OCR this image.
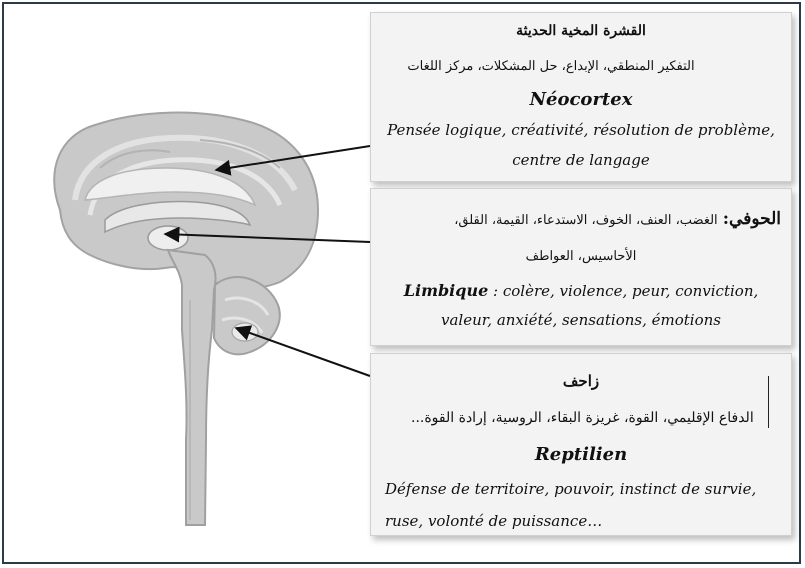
القشرة المخية الحديثة
التفكير المنطقي، الإبداع، حل المشكلات، مركز اللغات
Néocortex
Pensée logique, créativité, résolution de problème,
centre de langage
الحوفي: الغضب، العنف، الخوف، الاستدعاء، القيمة، القلق،
الأحاسيس، العواطف
Limbique : colère, violence, peur, conviction,
valeur, anxiété, sensations, émotions
زاحف
الدفاع الإقليمي، القوة، غريزة البقاء، الروسية، إرادة القوة...
Reptilien
Défense de territoire, pouvoir, instinct de survie,
ruse, volonté de puissance…
